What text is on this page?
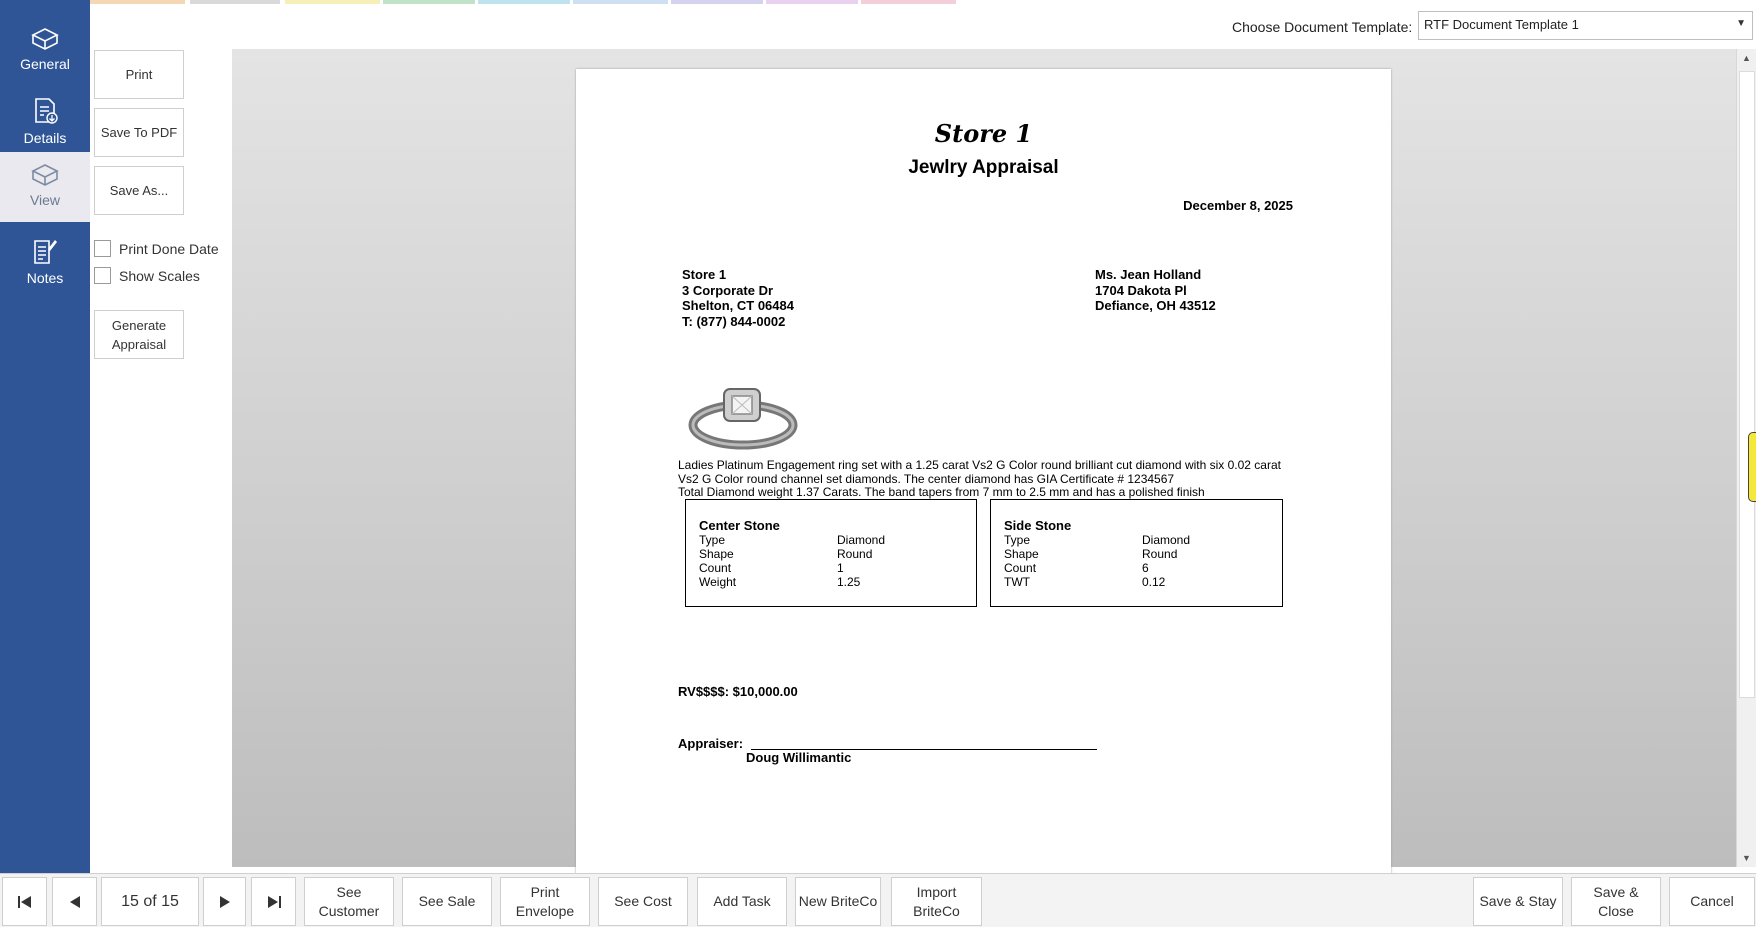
General
Details
View
Notes
Print
Save To PDF
Save As...
Print Done Date
Show Scales
Generate
Appraisal
Choose Document Template: RTF Document Template 1	▼
▲
▼
Store 1
Jewlry Appraisal
December 8, 2025
Store 1
3 Corporate Dr
Shelton, CT 06484
T: (877) 844-0002
Ms. Jean Holland
1704 Dakota Pl
Defiance, OH 43512
Ladies Platinum Engagement ring set with a 1.25 carat Vs2 G Color round brilliant cut diamond with six 0.02 carat Vs2 G Color round channel set diamonds. The center diamond has GIA Certificate # 1234567
Total Diamond weight 1.37 Carats. The band tapers from 7 mm to 2.5 mm and has a polished finish
Center Stone
Type	Diamond
Shape	Round
Count	1
Weight	1.25
Side Stone
Type	Diamond
Shape	Round
Count	6
TWT	0.12
RV$$$$: $10,000.00
Appraiser:
Doug Willimantic
15 of 15
See
Customer
See Sale
Print
Envelope
See Cost	Add Task	New BriteCo
Import
BriteCo
Save & Stay
Save &
Close
Cancel
